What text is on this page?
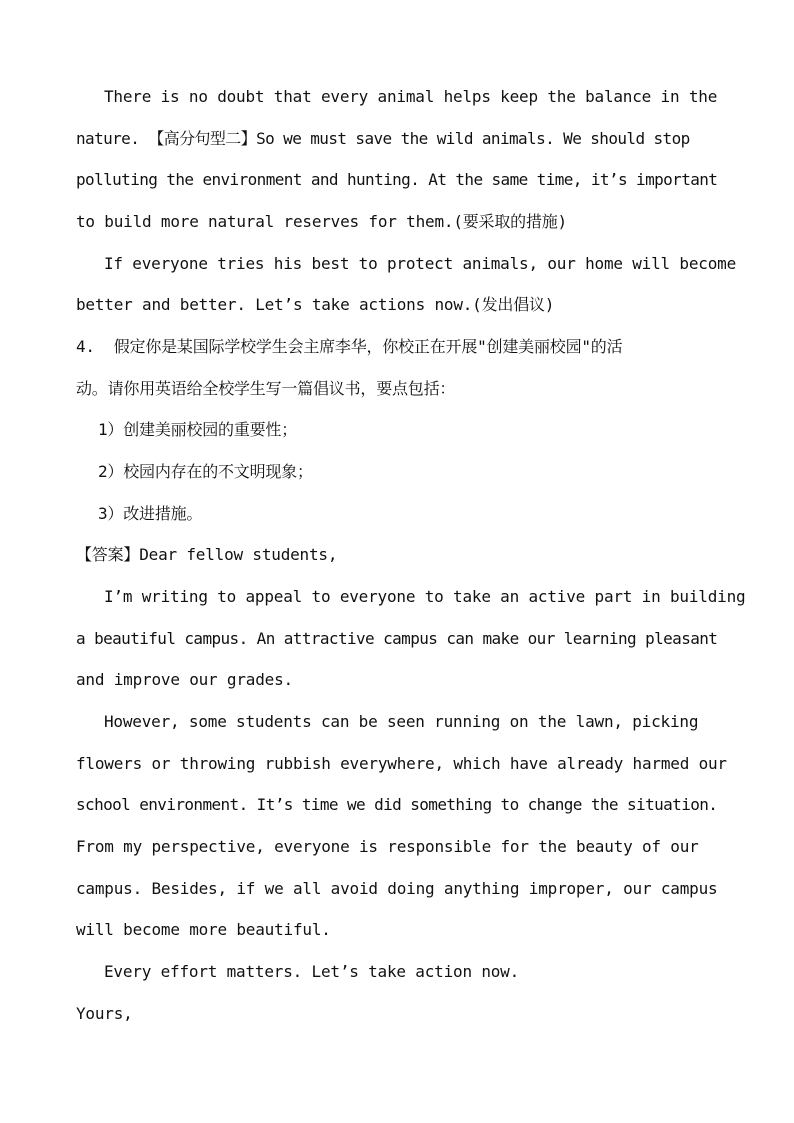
There is no doubt that every animal helps keep the balance in the
nature. 【高分句型二】So we must save the wild animals. We should stop
polluting the environment and hunting. At the same time, it’s important
to build more natural reserves for them.(要采取的措施)
If everyone tries his best to protect animals, our home will become
better and better. Let’s take actions now.(发出倡议)
4.  假定你是某国际学校学生会主席李华，你校正在开展"创建美丽校园"的活
动。请你用英语给全校学生写一篇倡议书，要点包括：
1）创建美丽校园的重要性；
2）校园内存在的不文明现象；
3）改进措施。
【答案】Dear fellow students,
I’m writing to appeal to everyone to take an active part in building
a beautiful campus. An attractive campus can make our learning pleasant
and improve our grades.
However, some students can be seen running on the lawn, picking
flowers or throwing rubbish everywhere, which have already harmed our
school environment. It’s time we did something to change the situation.
From my perspective, everyone is responsible for the beauty of our
campus. Besides, if we all avoid doing anything improper, our campus
will become more beautiful.
Every effort matters. Let’s take action now.
Yours,
